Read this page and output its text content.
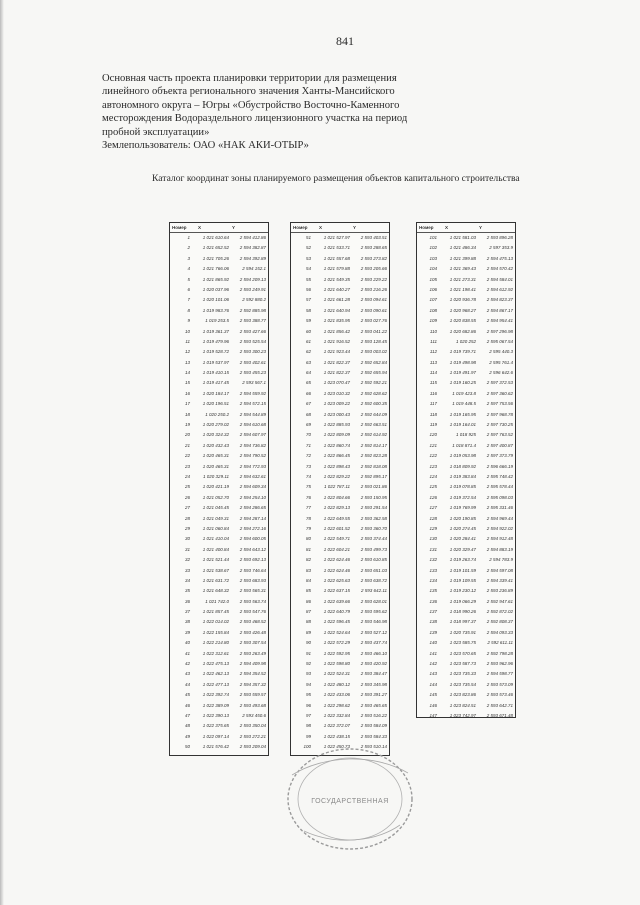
841
Основная часть проекта планировки территории для размещения
линейного объекта регионального значения Ханты-Мансийского
автономного округа – Югры «Обустройство Восточно-Каменного
месторождения Водораздельного лицензионного участка на период
пробной эксплуатации»
Землепользователь: ОАО «НАК АКИ-ОТЫР»
Каталог координат зоны планируемого размещения объектов капитального строительства
Номер	X	Y
1	1 021 610.64	2 594 412.86
2	1 021 652.52	2 594 382.87
3	1 021 705.26	2 594 392.89
4	1 021 766.06	2 594 152.1
5	1 021 865.92	2 594 209.13
6	1 020 037.96	2 593 249.91
7	1 020 101.06	2 592 880.2
8	1 019 983.76	2 592 885.98
9	1 019 253.5	2 593 388.77
10	1 019 361.37	2 593 427.66
11	1 019 479.96	2 593 525.54
12	1 019 528.72	2 593 300.23
13	1 019 537.97	2 593 402.61
14	1 019 410.15	2 593 455.23
15	1 019 417.45	2 593 567.1
16	1 020 184.17	2 594 559.92
17	1 020 196.51	2 594 572.15
18	1 020 250.2	2 594 544.89
19	1 020 279.02	2 594 610.68
20	1 020 324.32	2 594 607.97
21	1 020 432.43	2 594 736.82
22	1 020 465.31	2 594 790.52
23	1 020 465.31	2 594 772.93
24	1 020 329.11	2 594 632.61
25	1 020 421.19	2 594 609.34
26	1 021 052.70	2 594 254.10
27	1 021 045.45	2 594 286.65
28	1 021 049.31	2 594 287.14
29	1 021 060.84	2 594 272.16
30	1 021 410.04	2 594 600.05
31	1 021 400.84	2 594 643.12
32	1 021 521.44	2 593 692.13
33	1 021 538.67	2 593 746.64
34	1 021 631.72	2 593 683.93
35	1 021 648.32	2 593 565.31
36	1 021 742.0	2 593 563.74
37	1 021 857.45	2 593 547.76
38	1 022 014.02	2 593 468.52
39	1 022 155.84	2 593 426.48
40	1 022 214.80	2 593 307.54
41	1 022 312.61	2 593 263.49
42	1 022 475.13	2 594 409.98
43	1 022 462.13	2 594 354.52
44	1 022 477.13	2 594 357.32
45	1 022 392.74	2 593 559.57
46	1 022 389.09	2 593 493.68
47	1 022 390.13	2 593 450.6
48	1 022 375.65	2 593 350.04
49	1 022 097.14	2 593 272.21
50	1 021 576.42	2 593 209.04
Номер	X	Y
51	1 021 527.97	2 593 403.51
52	1 021 533.71	2 593 288.65
53	1 021 557.68	2 593 273.82
54	1 021 579.88	2 593 205.66
55	1 021 549.35	2 593 229.22
56	1 021 640.27	2 593 216.26
57	1 021 661.28	2 593 094.61
58	1 021 640.94	2 593 090.61
59	1 021 835.95	2 593 027.76
60	1 021 856.42	2 593 041.22
61	1 021 916.52	2 593 128.45
62	1 021 923.44	2 593 003.02
63	1 021 822.37	2 592 652.84
64	1 021 822.37	2 592 655.94
65	1 023 070.47	2 592 592.21
66	1 023 010.32	2 592 628.62
67	1 023 009.22	2 592 600.35
68	1 023 000.43	2 592 644.09
69	1 022 885.93	2 592 663.51
70	1 022 809.09	2 592 614.92
71	1 022 860.74	2 592 814.17
72	1 022 866.45	2 592 823.28
73	1 022 898.43	2 592 818.08
74	1 022 829.22	2 592 895.17
75	1 022 787.11	2 593 021.86
76	1 022 804.66	2 593 150.95
77	1 022 829.13	2 593 291.54
78	1 022 649.55	2 593 362.58
79	1 022 601.52	2 593 360.70
80	1 022 549.71	2 593 374.44
81	1 022 604.21	2 593 499.73
82	1 022 624.46	2 593 610.85
83	1 022 624.46	2 593 651.03
84	1 022 625.63	2 593 638.72
85	1 022 637.15	2 593 642.11
86	1 022 639.66	2 593 628.01
87	1 022 640.79	2 593 595.62
88	1 022 596.45	2 593 546.98
89	1 022 524.64	2 593 527.12
90	1 022 572.29	2 593 437.74
91	1 022 592.95	2 593 466.10
92	1 022 598.80	2 593 420.92
93	1 022 524.31	2 593 384.47
94	1 022 480.12	2 593 345.98
95	1 022 433.06	2 593 391.27
96	1 022 298.62	2 593 465.65
97	1 022 332.84	2 593 516.22
98	1 022 372.07	2 593 584.09
99	1 022 438.15	2 593 584.33
100	1 022 450.73	2 593 510.14
Номер	X	Y
101	1 021 581.03	2 593 896.28
102	1 021 486.34	2 597 353.9
103	1 021 399.88	2 594 475.13
104	1 021 369.43	2 594 570.42
105	1 021 273.31	2 594 584.01
106	1 021 198.41	2 594 612.92
107	1 020 936.78	2 594 823.37
108	1 020 968.27	2 594 867.17
109	1 020 838.55	2 594 954.41
110	1 020 682.86	2 597 296.98
111	1 020 252	2 595 067.54
112	1 019 739.71	2 595 440.3
113	1 019 498.98	2 595 761.4
114	1 019 491.97	2 596 642.6
115	1 019 160.25	2 597 372.53
116	1 019 423.8	2 597 360.62
117	1 019 448.5	2 597 753.56
118	1 019 165.95	2 597 968.78
119	1 019 164.01	2 597 730.25
120	1 018 925	2 597 763.52
121	1 018 871.4	2 597 400.87
122	1 019 053.98	2 597 373.79
123	1 018 809.92	2 596 666.19
124	1 019 383.84	2 595 748.42
125	1 019 078.85	2 595 578.44
126	1 019 372.54	2 595 098.03
127	1 019 769.99	2 595 331.46
128	1 020 190.85	2 594 969.44
129	1 020 274.45	2 594 922.02
130	1 020 284.41	2 594 912.48
131	1 020 329.47	2 594 883.19
132	1 019 263.74	2 594 783.9
133	1 019 101.59	2 594 597.08
134	1 019 109.55	2 594 339.41
135	1 019 230.12	2 593 236.89
136	1 019 066.29	2 592 947.61
137	1 018 990.26	2 592 872.02
138	1 018 997.37	2 592 808.37
139	1 020 735.91	2 594 093.33
140	1 023 585.75	2 592 611.11
141	1 023 570.65	2 592 798.28
142	1 023 587.73	2 593 962.96
143	1 023 735.33	2 594 598.77
144	1 023 735.54	2 593 573.09
145	1 023 823.86	2 593 573.46
146	1 023 824.51	2 593 642.71
147	1 023 742.97	2 593 671.48
ГОСУДАРСТВЕННАЯ
